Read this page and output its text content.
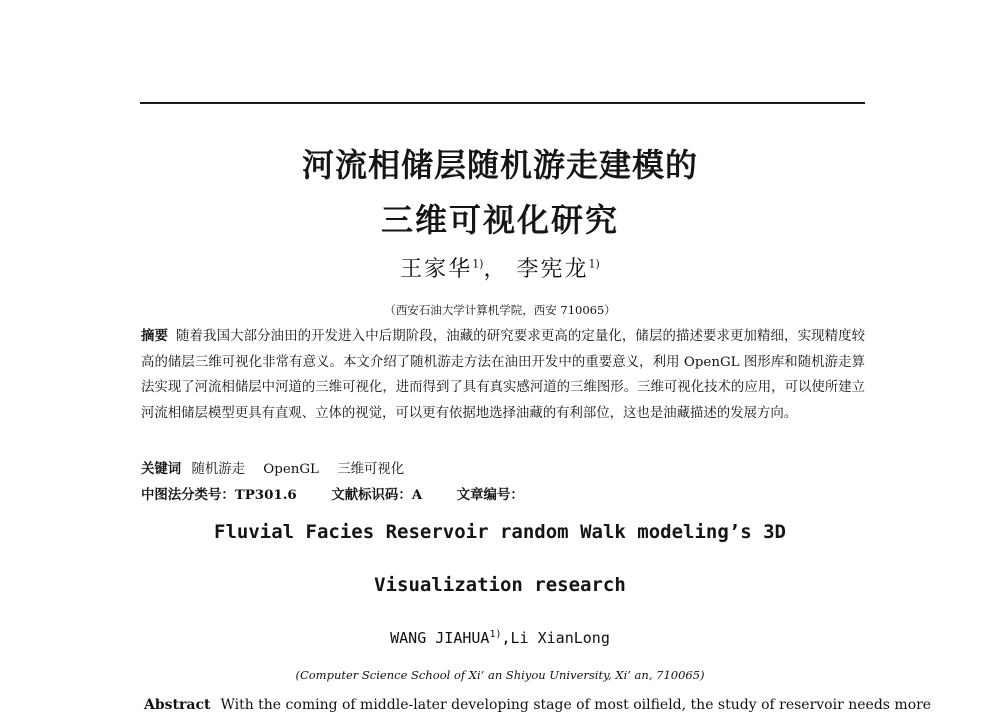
河流相储层随机游走建模的
三维可视化研究
王家华$^{1)}$， 李宪龙$^{1)}$
（西安石油大学计算机学院，西安 710065）
摘要 随着我国大部分油田的开发进入中后期阶段，油藏的研究要求更高的定量化，储层的描述要求更加精细，实现精度较高的储层三维可视化非常有意义。本文介绍了随机游走方法在油田开发中的重要意义，利用 OpenGL 图形库和随机游走算法实现了河流相储层中河道的三维可视化，进而得到了具有真实感河道的三维图形。三维可视化技术的应用，可以使所建立河流相储层模型更具有直观、立体的视觉，可以更有依据地选择油藏的有利部位，这也是油藏描述的发展方向。
关键词 随机游走 OpenGL 三维可视化
中图法分类号：TP301.6	文献标识码：A	文章编号：
Fluvial Facies Reservoir random Walk modeling’s 3D
Visualization research
WANG JIAHUA$^{1)}$,Li XianLong
(Computer Science School of Xi’ an Shiyou University, Xi’ an, 710065)
Abstract With the coming of middle-later developing stage of most oilfield, the study of reservoir needs more
